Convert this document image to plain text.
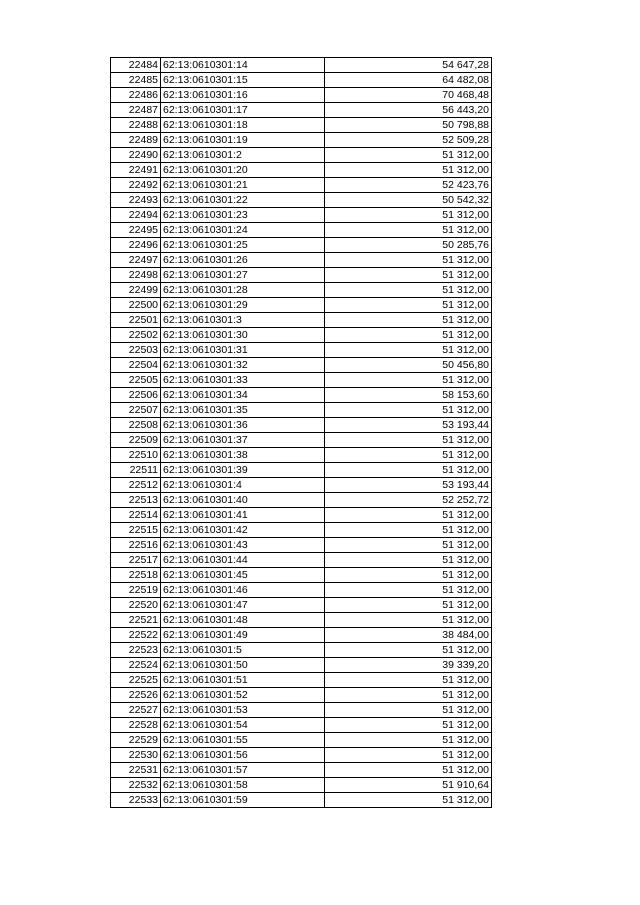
22484	62:13:0610301:14	54 647,28
22485	62:13:0610301:15	64 482,08
22486	62:13:0610301:16	70 468,48
22487	62:13:0610301:17	56 443,20
22488	62:13:0610301:18	50 798,88
22489	62:13:0610301:19	52 509,28
22490	62:13:0610301:2	51 312,00
22491	62:13:0610301:20	51 312,00
22492	62:13:0610301:21	52 423,76
22493	62:13:0610301:22	50 542,32
22494	62:13:0610301:23	51 312,00
22495	62:13:0610301:24	51 312,00
22496	62:13:0610301:25	50 285,76
22497	62:13:0610301:26	51 312,00
22498	62:13:0610301:27	51 312,00
22499	62:13:0610301:28	51 312,00
22500	62:13:0610301:29	51 312,00
22501	62:13:0610301:3	51 312,00
22502	62:13:0610301:30	51 312,00
22503	62:13:0610301:31	51 312,00
22504	62:13:0610301:32	50 456,80
22505	62:13:0610301:33	51 312,00
22506	62:13:0610301:34	58 153,60
22507	62:13:0610301:35	51 312,00
22508	62:13:0610301:36	53 193,44
22509	62:13:0610301:37	51 312,00
22510	62:13:0610301:38	51 312,00
22511	62:13:0610301:39	51 312,00
22512	62:13:0610301:4	53 193,44
22513	62:13:0610301:40	52 252,72
22514	62:13:0610301:41	51 312,00
22515	62:13:0610301:42	51 312,00
22516	62:13:0610301:43	51 312,00
22517	62:13:0610301:44	51 312,00
22518	62:13:0610301:45	51 312,00
22519	62:13:0610301:46	51 312,00
22520	62:13:0610301:47	51 312,00
22521	62:13:0610301:48	51 312,00
22522	62:13:0610301:49	38 484,00
22523	62:13:0610301:5	51 312,00
22524	62:13:0610301:50	39 339,20
22525	62:13:0610301:51	51 312,00
22526	62:13:0610301:52	51 312,00
22527	62:13:0610301:53	51 312,00
22528	62:13:0610301:54	51 312,00
22529	62:13:0610301:55	51 312,00
22530	62:13:0610301:56	51 312,00
22531	62:13:0610301:57	51 312,00
22532	62:13:0610301:58	51 910,64
22533	62:13:0610301:59	51 312,00
